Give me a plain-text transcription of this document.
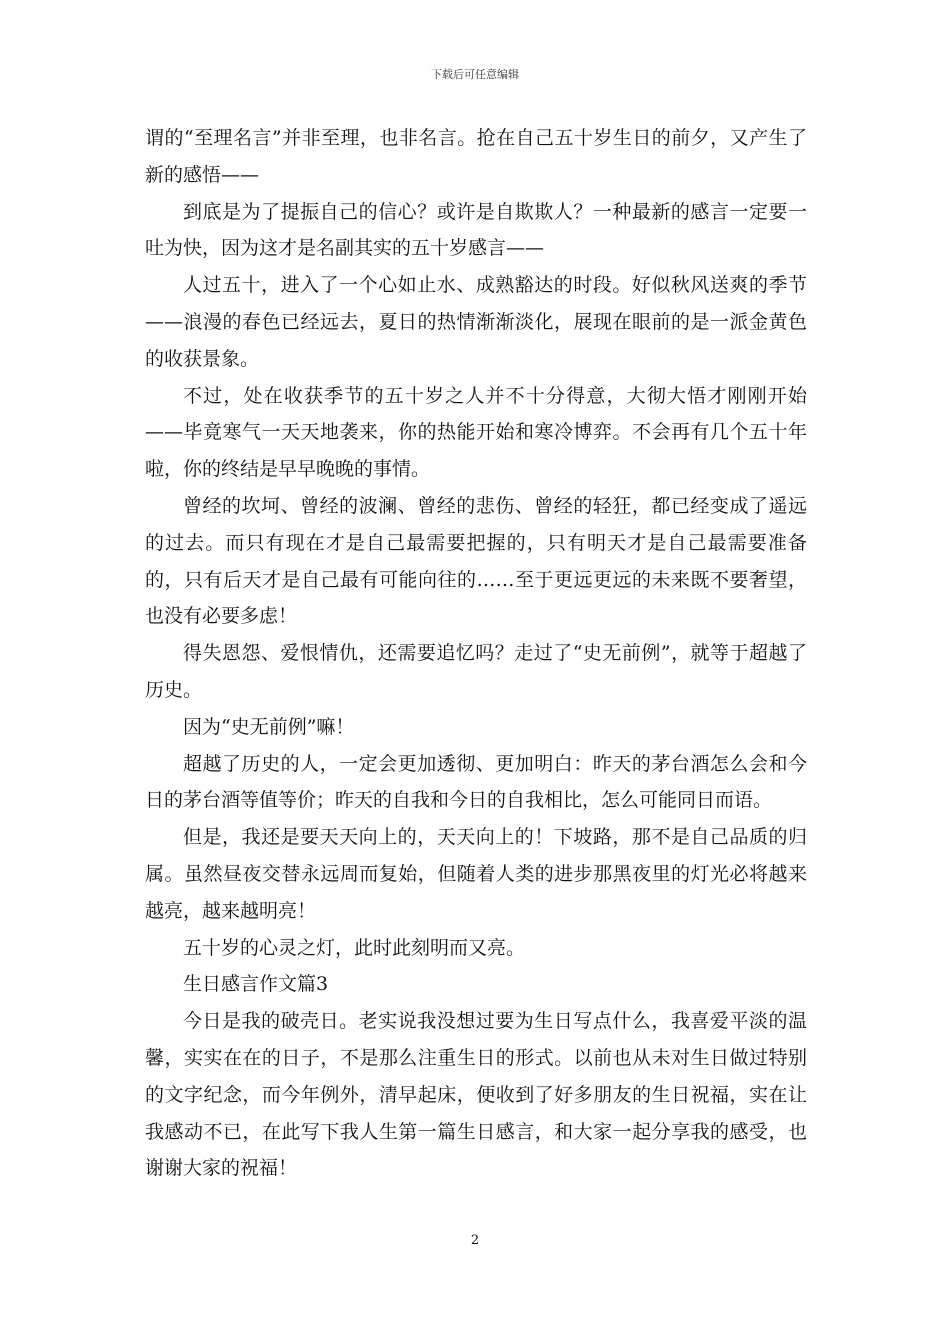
下载后可任意编辑

谓的“至理名言”并非至理，也非名言。抢在自己五十岁生日的前夕，又产生了新的感悟——

到底是为了提振自己的信心？或许是自欺欺人？一种最新的感言一定要一吐为快，因为这才是名副其实的五十岁感言——

人过五十，进入了一个心如止水、成熟豁达的时段。好似秋风送爽的季节——浪漫的春色已经远去，夏日的热情渐渐淡化，展现在眼前的是一派金黄色的收获景象。

不过，处在收获季节的五十岁之人并不十分得意，大彻大悟才刚刚开始——毕竟寒气一天天地袭来，你的热能开始和寒冷博弈。不会再有几个五十年啦，你的终结是早早晚晚的事情。

曾经的坎坷、曾经的波澜、曾经的悲伤、曾经的轻狂，都已经变成了遥远的过去。而只有现在才是自己最需要把握的，只有明天才是自己最需要准备的，只有后天才是自己最有可能向往的……至于更远更远的未来既不要奢望，也没有必要多虑！

得失恩怨、爱恨情仇，还需要追忆吗？走过了“史无前例”，就等于超越了历史。

因为“史无前例”嘛！

超越了历史的人，一定会更加透彻、更加明白：昨天的茅台酒怎么会和今日的茅台酒等值等价；昨天的自我和今日的自我相比，怎么可能同日而语。

但是，我还是要天天向上的，天天向上的！下坡路，那不是自己品质的归属。虽然昼夜交替永远周而复始，但随着人类的进步那黑夜里的灯光必将越来越亮，越来越明亮！

五十岁的心灵之灯，此时此刻明而又亮。

生日感言作文篇3

今日是我的破壳日。老实说我没想过要为生日写点什么，我喜爱平淡的温馨，实实在在的日子，不是那么注重生日的形式。以前也从未对生日做过特别的文字纪念，而今年例外，清早起床，便收到了好多朋友的生日祝福，实在让我感动不已，在此写下我人生第一篇生日感言，和大家一起分享我的感受，也谢谢大家的祝福！

2
